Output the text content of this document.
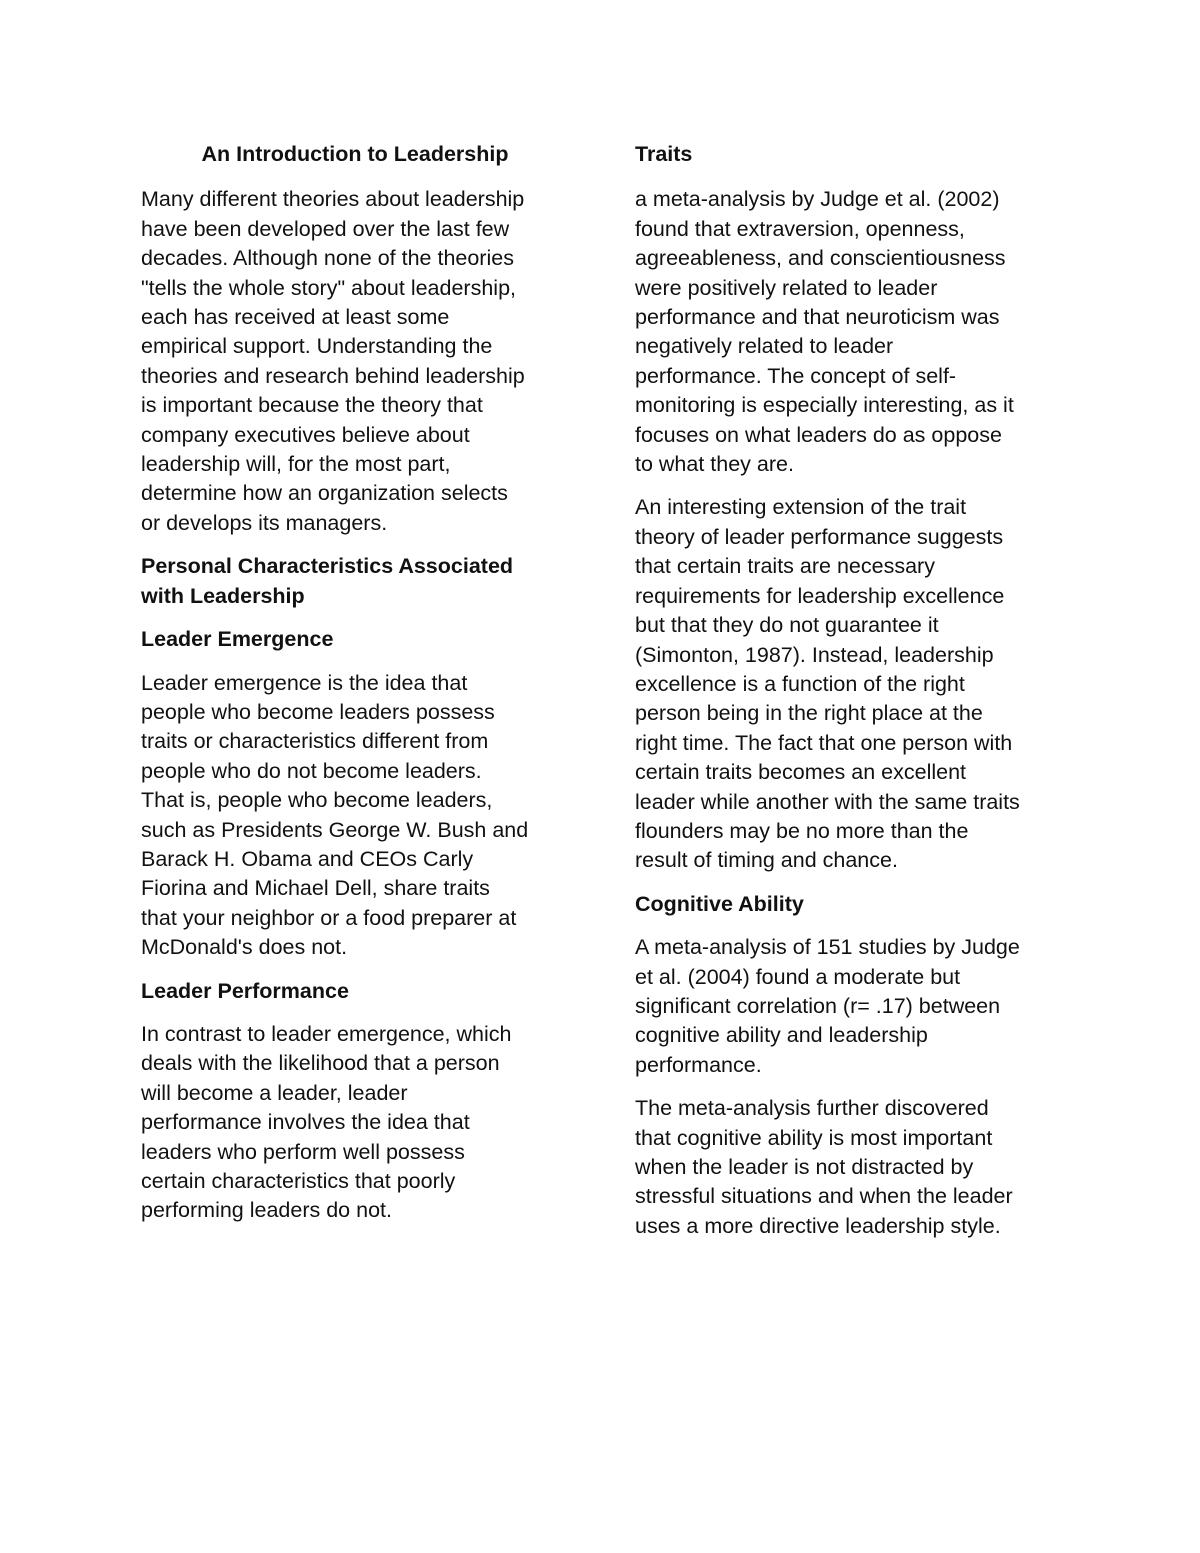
An Introduction to Leadership
Many different theories about leadership
have been developed over the last few
decades. Although none of the theories
"tells the whole story" about leadership,
each has received at least some
empirical support. Understanding the
theories and research behind leadership
is important because the theory that
company executives believe about
leadership will, for the most part,
determine how an organization selects
or develops its managers.
Personal Characteristics Associated
with Leadership
Leader Emergence
Leader emergence is the idea that
people who become leaders possess
traits or characteristics different from
people who do not become leaders.
That is, people who become leaders,
such as Presidents George W. Bush and
Barack H. Obama and CEOs Carly
Fiorina and Michael Dell, share traits
that your neighbor or a food preparer at
McDonald's does not.
Leader Performance
In contrast to leader emergence, which
deals with the likelihood that a person
will become a leader, leader
performance involves the idea that
leaders who perform well possess
certain characteristics that poorly
performing leaders do not.
Traits
a meta-analysis by Judge et al. (2002)
found that extraversion, openness,
agreeableness, and conscientiousness
were positively related to leader
performance and that neuroticism was
negatively related to leader
performance. The concept of self-
monitoring is especially interesting, as it
focuses on what leaders do as oppose
to what they are.
An interesting extension of the trait
theory of leader performance suggests
that certain traits are necessary
requirements for leadership excellence
but that they do not guarantee it
(Simonton, 1987). Instead, leadership
excellence is a function of the right
person being in the right place at the
right time. The fact that one person with
certain traits becomes an excellent
leader while another with the same traits
flounders may be no more than the
result of timing and chance.
Cognitive Ability
A meta-analysis of 151 studies by Judge
et al. (2004) found a moderate but
significant correlation (r= .17) between
cognitive ability and leadership
performance.
The meta-analysis further discovered
that cognitive ability is most important
when the leader is not distracted by
stressful situations and when the leader
uses a more directive leadership style.
